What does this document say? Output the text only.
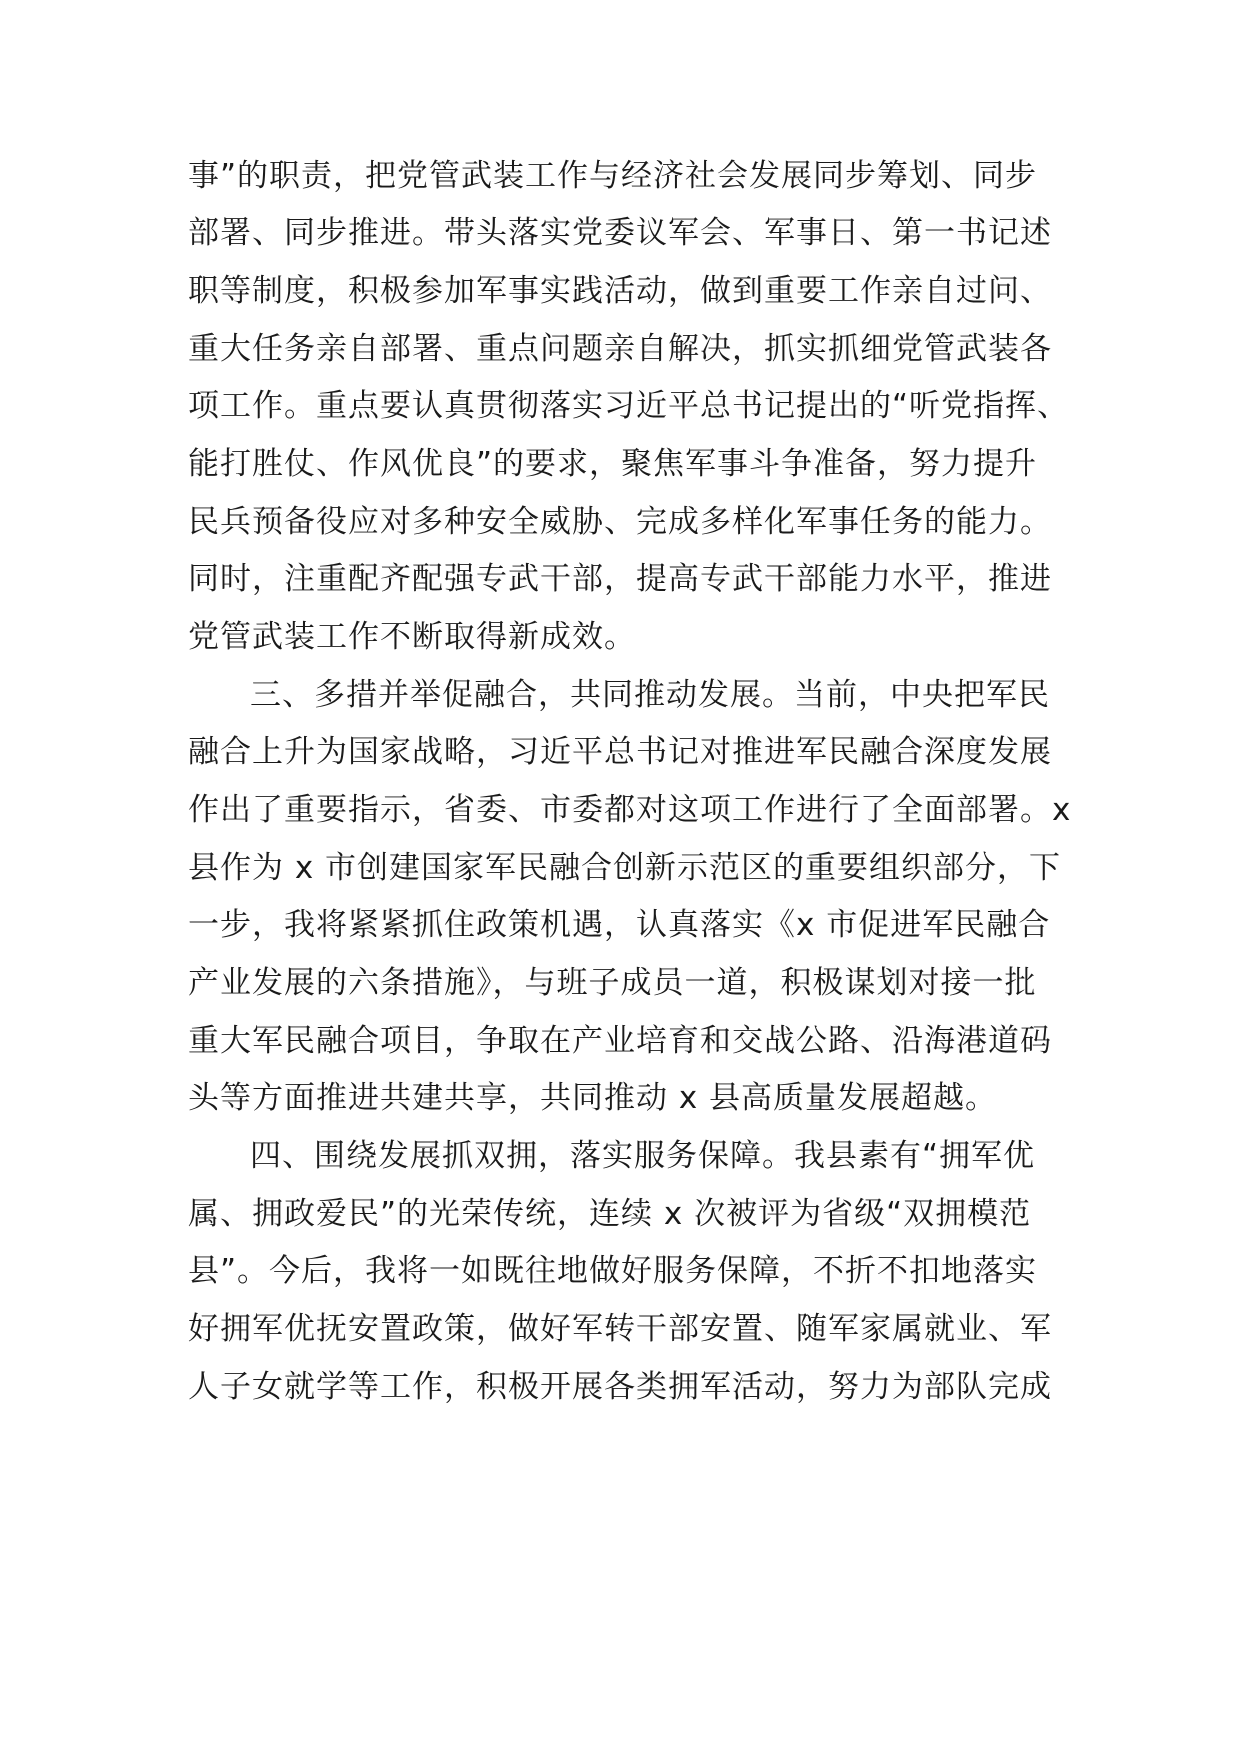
事”的职责，把党管武装工作与经济社会发展同步筹划、同步
部署、同步推进。带头落实党委议军会、军事日、第一书记述
职等制度，积极参加军事实践活动，做到重要工作亲自过问、
重大任务亲自部署、重点问题亲自解决，抓实抓细党管武装各
项工作。重点要认真贯彻落实习近平总书记提出的“听党指挥、
能打胜仗、作风优良”的要求，聚焦军事斗争准备，努力提升
民兵预备役应对多种安全威胁、完成多样化军事任务的能力。
同时，注重配齐配强专武干部，提高专武干部能力水平，推进
党管武装工作不断取得新成效。
三、多措并举促融合，共同推动发展。当前，中央把军民
融合上升为国家战略，习近平总书记对推进军民融合深度发展
作出了重要指示，省委、市委都对这项工作进行了全面部署。x
县作为 x 市创建国家军民融合创新示范区的重要组织部分，下
一步，我将紧紧抓住政策机遇，认真落实《x 市促进军民融合
产业发展的六条措施》，与班子成员一道，积极谋划对接一批
重大军民融合项目，争取在产业培育和交战公路、沿海港道码
头等方面推进共建共享，共同推动 x 县高质量发展超越。
四、围绕发展抓双拥，落实服务保障。我县素有“拥军优
属、拥政爱民”的光荣传统，连续 x 次被评为省级“双拥模范
县”。今后，我将一如既往地做好服务保障，不折不扣地落实
好拥军优抚安置政策，做好军转干部安置、随军家属就业、军
人子女就学等工作，积极开展各类拥军活动，努力为部队完成
